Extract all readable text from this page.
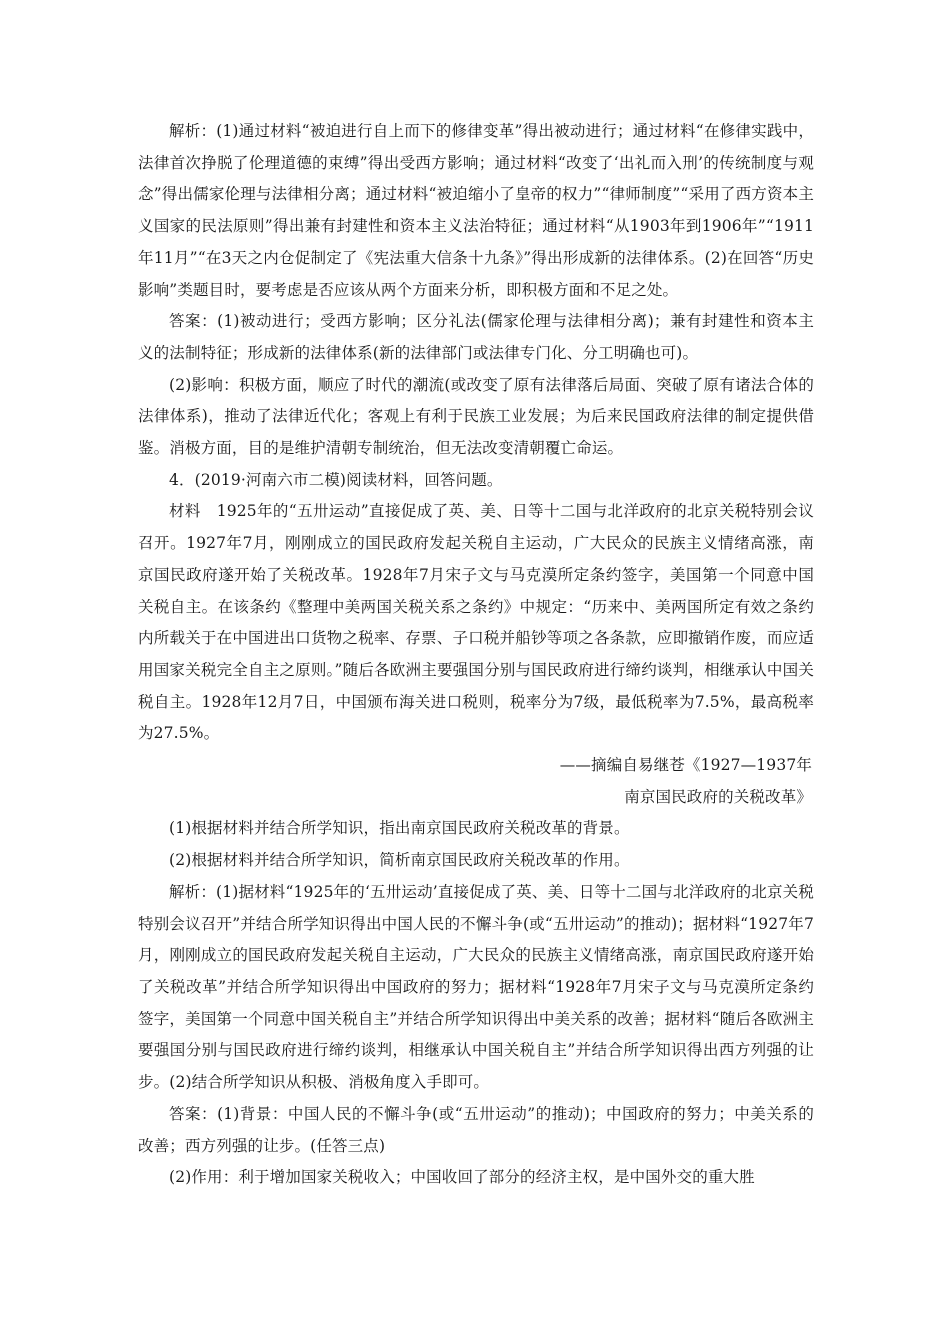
解析：(1)通过材料“被迫进行自上而下的修律变革”得出被动进行；通过材料“在修律实践中，法律首次挣脱了伦理道德的束缚”得出受西方影响；通过材料“改变了‘出礼而入刑’的传统制度与观念”得出儒家伦理与法律相分离；通过材料“被迫缩小了皇帝的权力”“律师制度”“采用了西方资本主义国家的民法原则”得出兼有封建性和资本主义法治特征；通过材料“从1903年到1906年”“1911年11月”“在3天之内仓促制定了《宪法重大信条十九条》”得出形成新的法律体系。(2)在回答“历史影响”类题目时，要考虑是否应该从两个方面来分析，即积极方面和不足之处。

答案：(1)被动进行；受西方影响；区分礼法(儒家伦理与法律相分离)；兼有封建性和资本主义的法制特征；形成新的法律体系(新的法律部门或法律专门化、分工明确也可)。

(2)影响：积极方面，顺应了时代的潮流(或改变了原有法律落后局面、突破了原有诸法合体的法律体系)，推动了法律近代化；客观上有利于民族工业发展；为后来民国政府法律的制定提供借鉴。消极方面，目的是维护清朝专制统治，但无法改变清朝覆亡命运。

4．(2019·河南六市二模)阅读材料，回答问题。

材料　1925年的“五卅运动”直接促成了英、美、日等十二国与北洋政府的北京关税特别会议召开。1927年7月，刚刚成立的国民政府发起关税自主运动，广大民众的民族主义情绪高涨，南京国民政府遂开始了关税改革。1928年7月宋子文与马克漠所定条约签字，美国第一个同意中国关税自主。在该条约《整理中美两国关税关系之条约》中规定：“历来中、美两国所定有效之条约内所载关于在中国进出口货物之税率、存票、子口税并船钞等项之各条款，应即撤销作废，而应适用国家关税完全自主之原则。”随后各欧洲主要强国分别与国民政府进行缔约谈判，相继承认中国关税自主。1928年12月7日，中国颁布海关进口税则，税率分为7级，最低税率为7.5%，最高税率为27.5%。

——摘编自易继苍《1927—1937年

南京国民政府的关税改革》

(1)根据材料并结合所学知识，指出南京国民政府关税改革的背景。

(2)根据材料并结合所学知识，简析南京国民政府关税改革的作用。

解析：(1)据材料“1925年的‘五卅运动’直接促成了英、美、日等十二国与北洋政府的北京关税特别会议召开”并结合所学知识得出中国人民的不懈斗争(或“五卅运动”的推动)；据材料“1927年7月，刚刚成立的国民政府发起关税自主运动，广大民众的民族主义情绪高涨，南京国民政府遂开始了关税改革”并结合所学知识得出中国政府的努力；据材料“1928年7月宋子文与马克漠所定条约签字，美国第一个同意中国关税自主”并结合所学知识得出中美关系的改善；据材料“随后各欧洲主要强国分别与国民政府进行缔约谈判，相继承认中国关税自主”并结合所学知识得出西方列强的让步。(2)结合所学知识从积极、消极角度入手即可。

答案：(1)背景：中国人民的不懈斗争(或“五卅运动”的推动)；中国政府的努力；中美关系的改善；西方列强的让步。(任答三点)

(2)作用：利于增加国家关税收入；中国收回了部分的经济主权，是中国外交的重大胜
